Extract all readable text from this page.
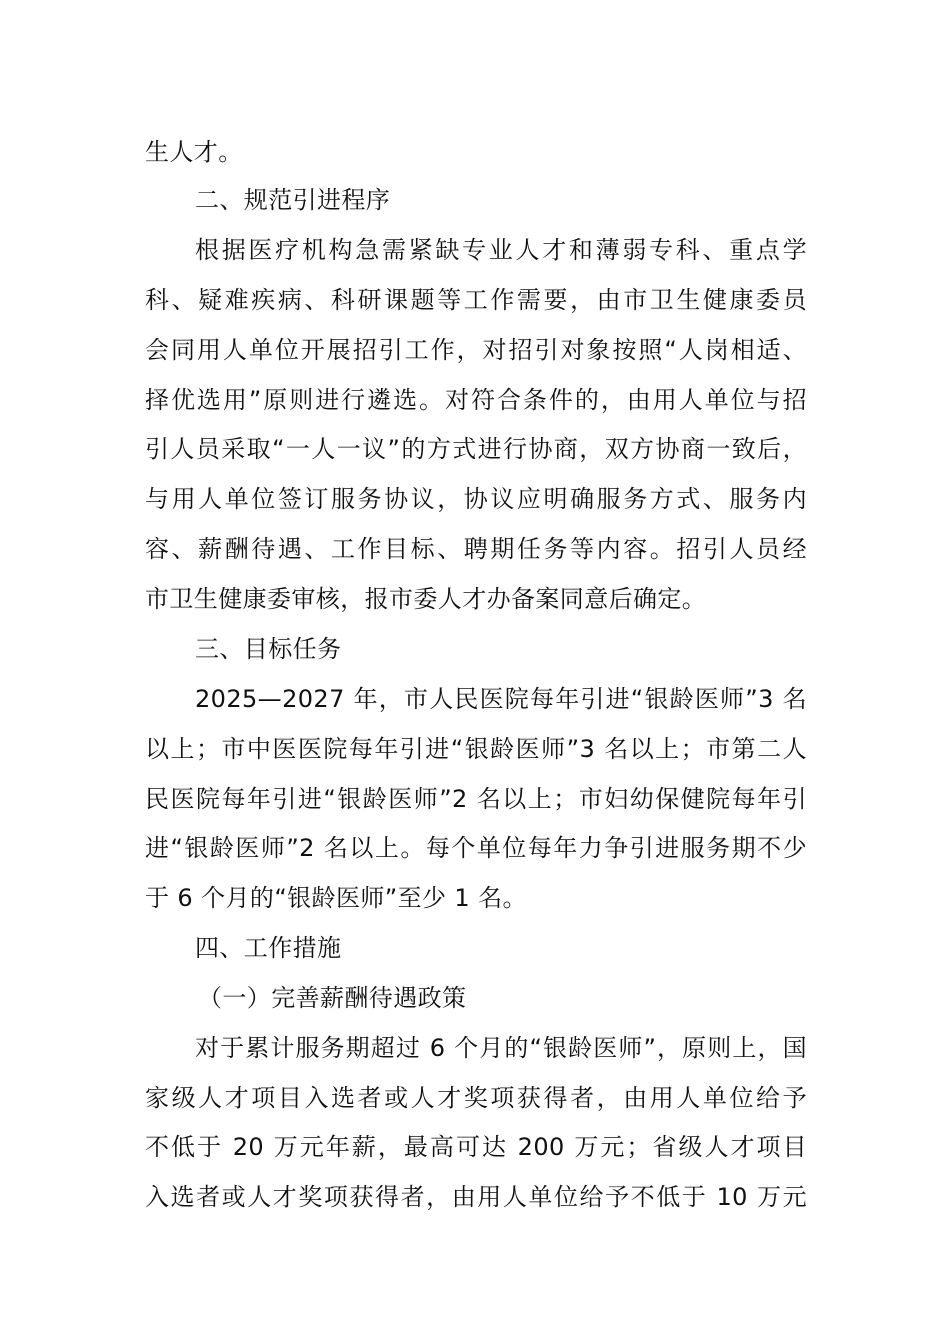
生人才。
二、规范引进程序
根据医疗机构急需紧缺专业人才和薄弱专科、重点学
科、疑难疾病、科研课题等工作需要，由市卫生健康委员
会同用人单位开展招引工作，对招引对象按照“人岗相适、
择优选用”原则进行遴选。对符合条件的，由用人单位与招
引人员采取“一人一议”的方式进行协商，双方协商一致后，
与用人单位签订服务协议，协议应明确服务方式、服务内
容、薪酬待遇、工作目标、聘期任务等内容。招引人员经
市卫生健康委审核，报市委人才办备案同意后确定。
三、目标任务
2025—2027 年，市人民医院每年引进“银龄医师”3 名
以上；市中医医院每年引进“银龄医师”3 名以上；市第二人
民医院每年引进“银龄医师”2 名以上；市妇幼保健院每年引
进“银龄医师”2 名以上。每个单位每年力争引进服务期不少
于 6 个月的“银龄医师”至少 1 名。
四、工作措施
（一）完善薪酬待遇政策
对于累计服务期超过 6 个月的“银龄医师”，原则上，国
家级人才项目入选者或人才奖项获得者，由用人单位给予
不低于 20 万元年薪，最高可达 200 万元；省级人才项目
入选者或人才奖项获得者，由用人单位给予不低于 10 万元
